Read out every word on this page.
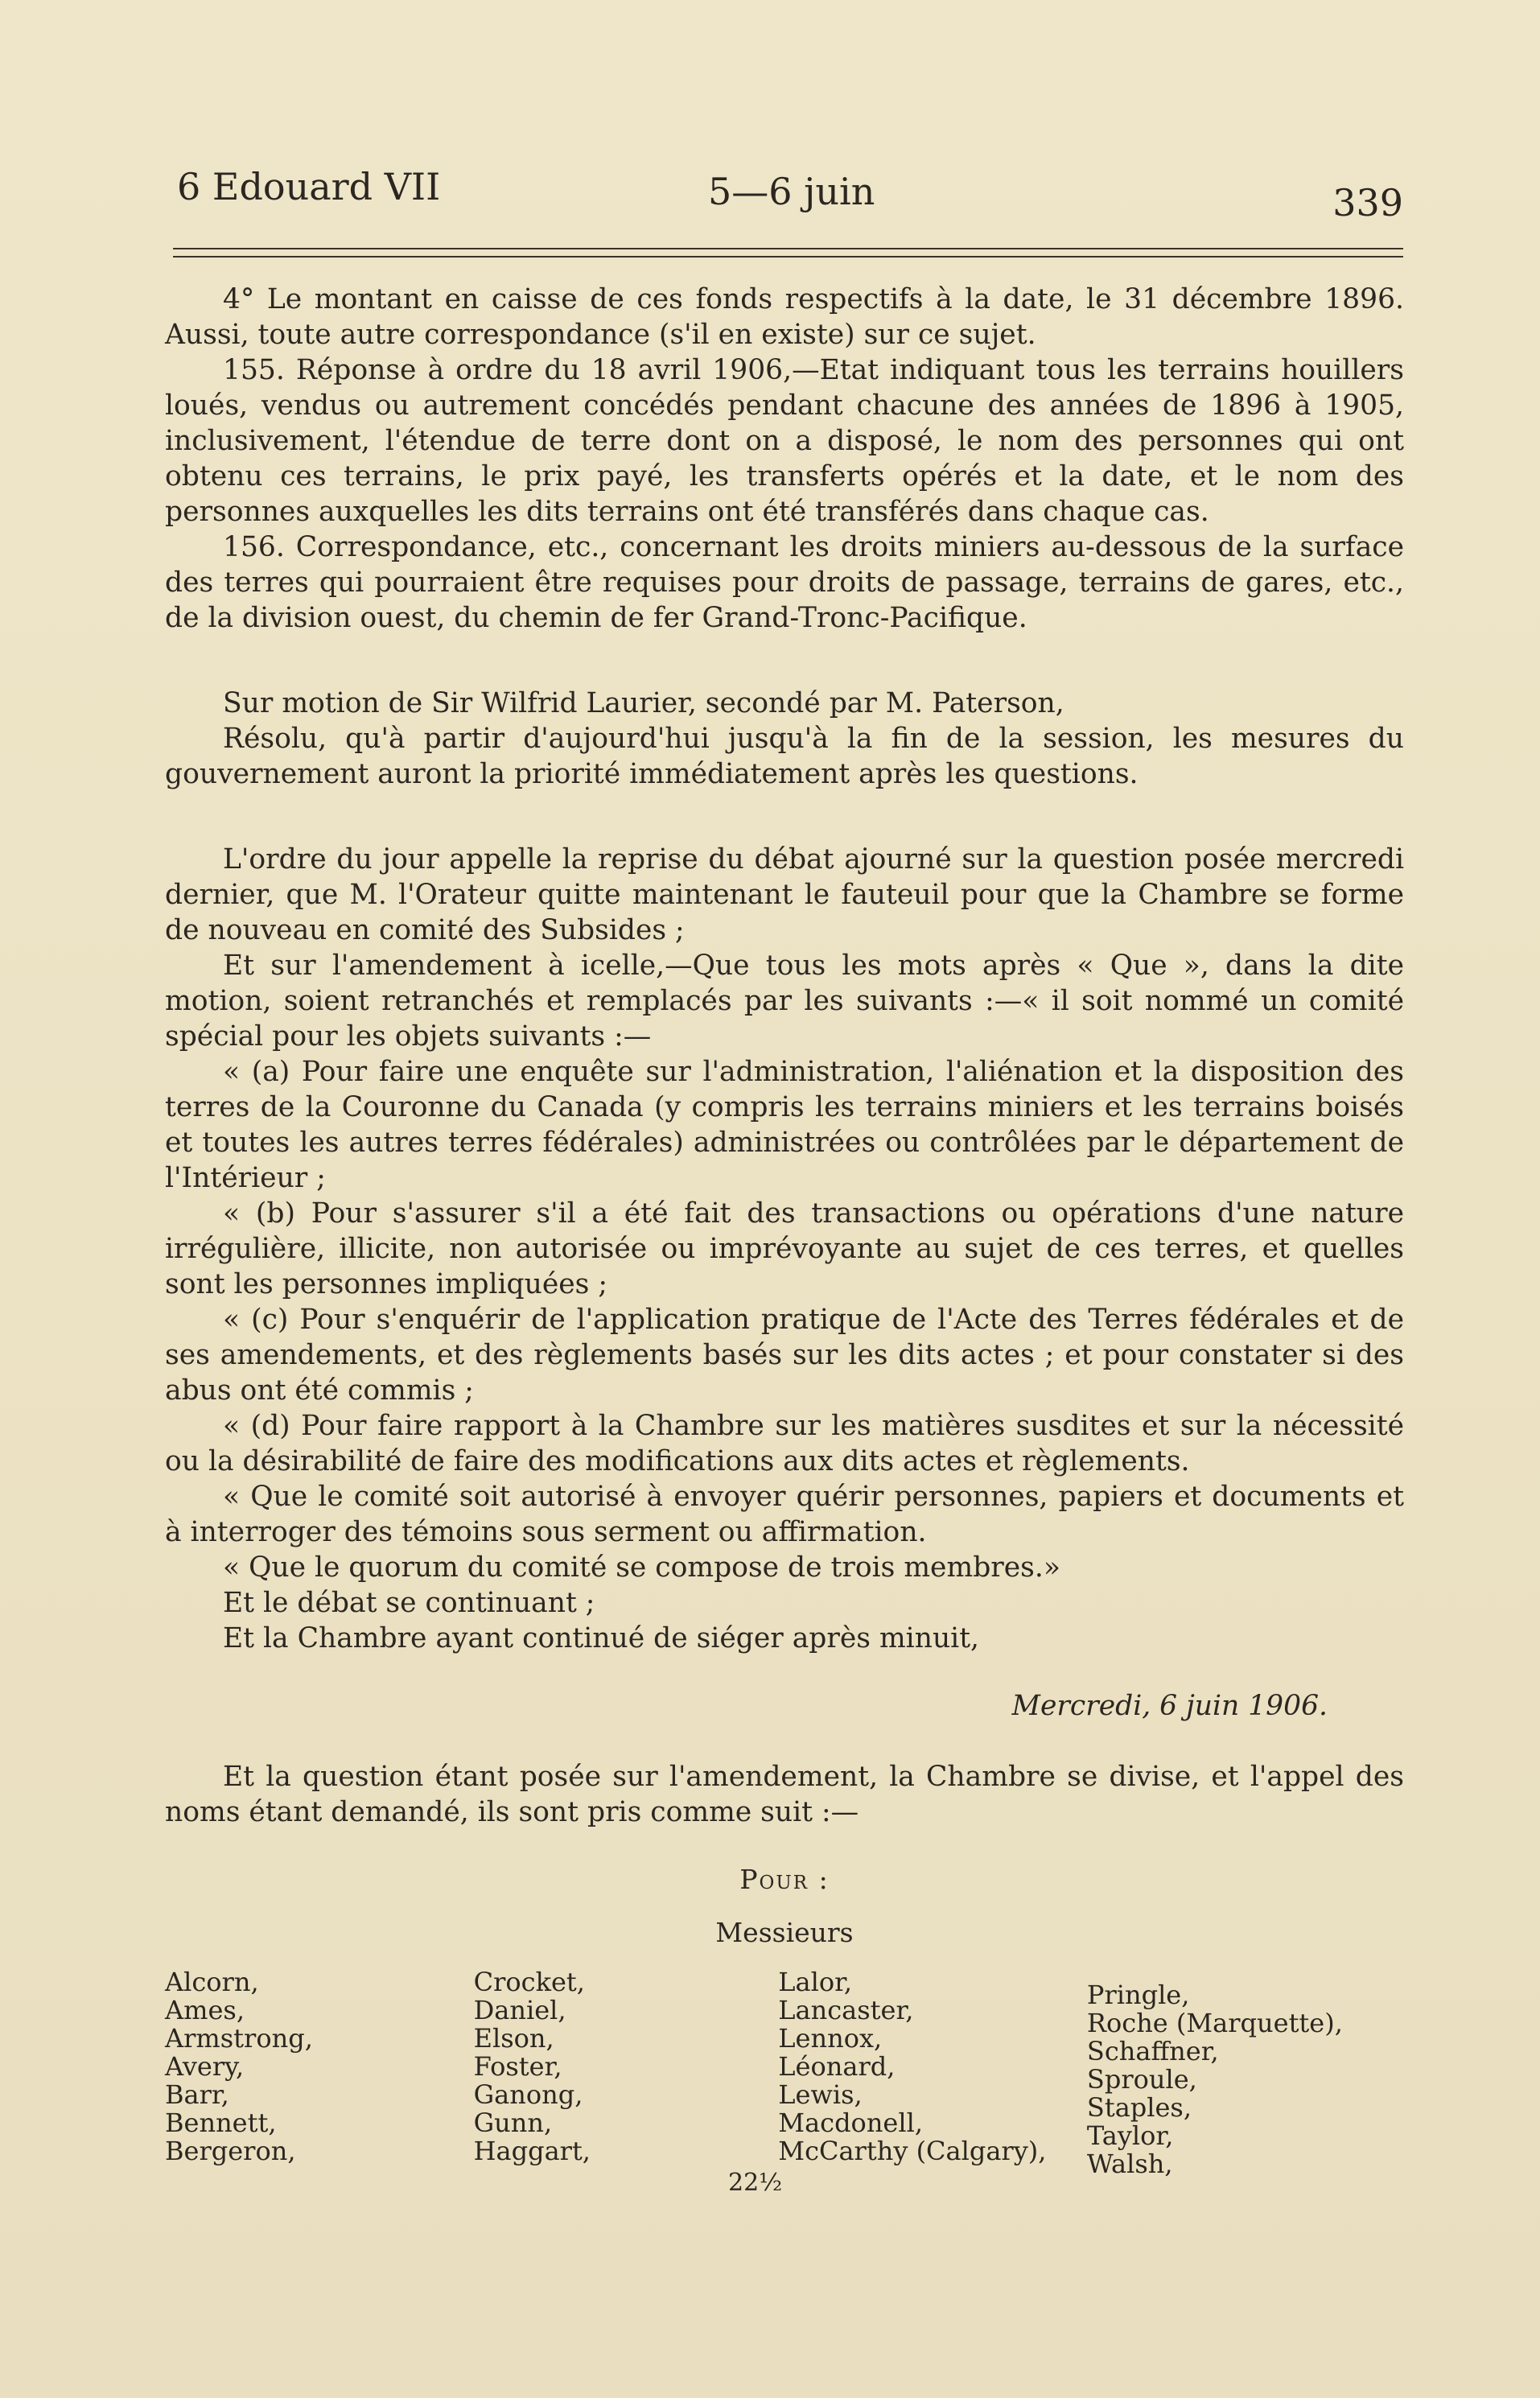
6 Edouard VII	5—6 juin	339

4° Le montant en caisse de ces fonds respectifs à la date, le 31 décembre 1896. Aussi, toute autre correspondance (s'il en existe) sur ce sujet.

155. Réponse à ordre du 18 avril 1906,—Etat indiquant tous les terrains houillers loués, vendus ou autrement concédés pendant chacune des années de 1896 à 1905, inclusivement, l'étendue de terre dont on a disposé, le nom des personnes qui ont obtenu ces terrains, le prix payé, les transferts opérés et la date, et le nom des personnes auxquelles les dits terrains ont été transférés dans chaque cas.

156. Correspondance, etc., concernant les droits miniers au-dessous de la surface des terres qui pourraient être requises pour droits de passage, terrains de gares, etc., de la division ouest, du chemin de fer Grand-Tronc-Pacifique.

Sur motion de Sir Wilfrid Laurier, secondé par M. Paterson,

Résolu, qu'à partir d'aujourd'hui jusqu'à la fin de la session, les mesures du gouvernement auront la priorité immédiatement après les questions.

L'ordre du jour appelle la reprise du débat ajourné sur la question posée mercredi dernier, que M. l'Orateur quitte maintenant le fauteuil pour que la Chambre se forme de nouveau en comité des Subsides ;

Et sur l'amendement à icelle,—Que tous les mots après « Que », dans la dite motion, soient retranchés et remplacés par les suivants :—« il soit nommé un comité spécial pour les objets suivants :—

« (a) Pour faire une enquête sur l'administration, l'aliénation et la disposition des terres de la Couronne du Canada (y compris les terrains miniers et les terrains boisés et toutes les autres terres fédérales) administrées ou contrôlées par le département de l'Intérieur ;

« (b) Pour s'assurer s'il a été fait des transactions ou opérations d'une nature irrégulière, illicite, non autorisée ou imprévoyante au sujet de ces terres, et quelles sont les personnes impliquées ;

« (c) Pour s'enquérir de l'application pratique de l'Acte des Terres fédérales et de ses amendements, et des règlements basés sur les dits actes ; et pour constater si des abus ont été commis ;

« (d) Pour faire rapport à la Chambre sur les matières susdites et sur la nécessité ou la désirabilité de faire des modifications aux dits actes et règlements.

« Que le comité soit autorisé à envoyer quérir personnes, papiers et documents et à interroger des témoins sous serment ou affirmation.

« Que le quorum du comité se compose de trois membres.»

Et le débat se continuant ;

Et la Chambre ayant continué de siéger après minuit,

Mercredi, 6 juin 1906.

Et la question étant posée sur l'amendement, la Chambre se divise, et l'appel des noms étant demandé, ils sont pris comme suit :—

Pour :
Messieurs
Alcorn,
Ames,
Armstrong,
Avery,
Barr,
Bennett,
Bergeron,
Crocket,
Daniel,
Elson,
Foster,
Ganong,
Gunn,
Haggart,
Lalor,
Lancaster,
Lennox,
Léonard,
Lewis,
Macdonell,
McCarthy (Calgary),
Pringle,
Roche (Marquette),
Schaffner,
Sproule,
Staples,
Taylor,
Walsh,
22½
